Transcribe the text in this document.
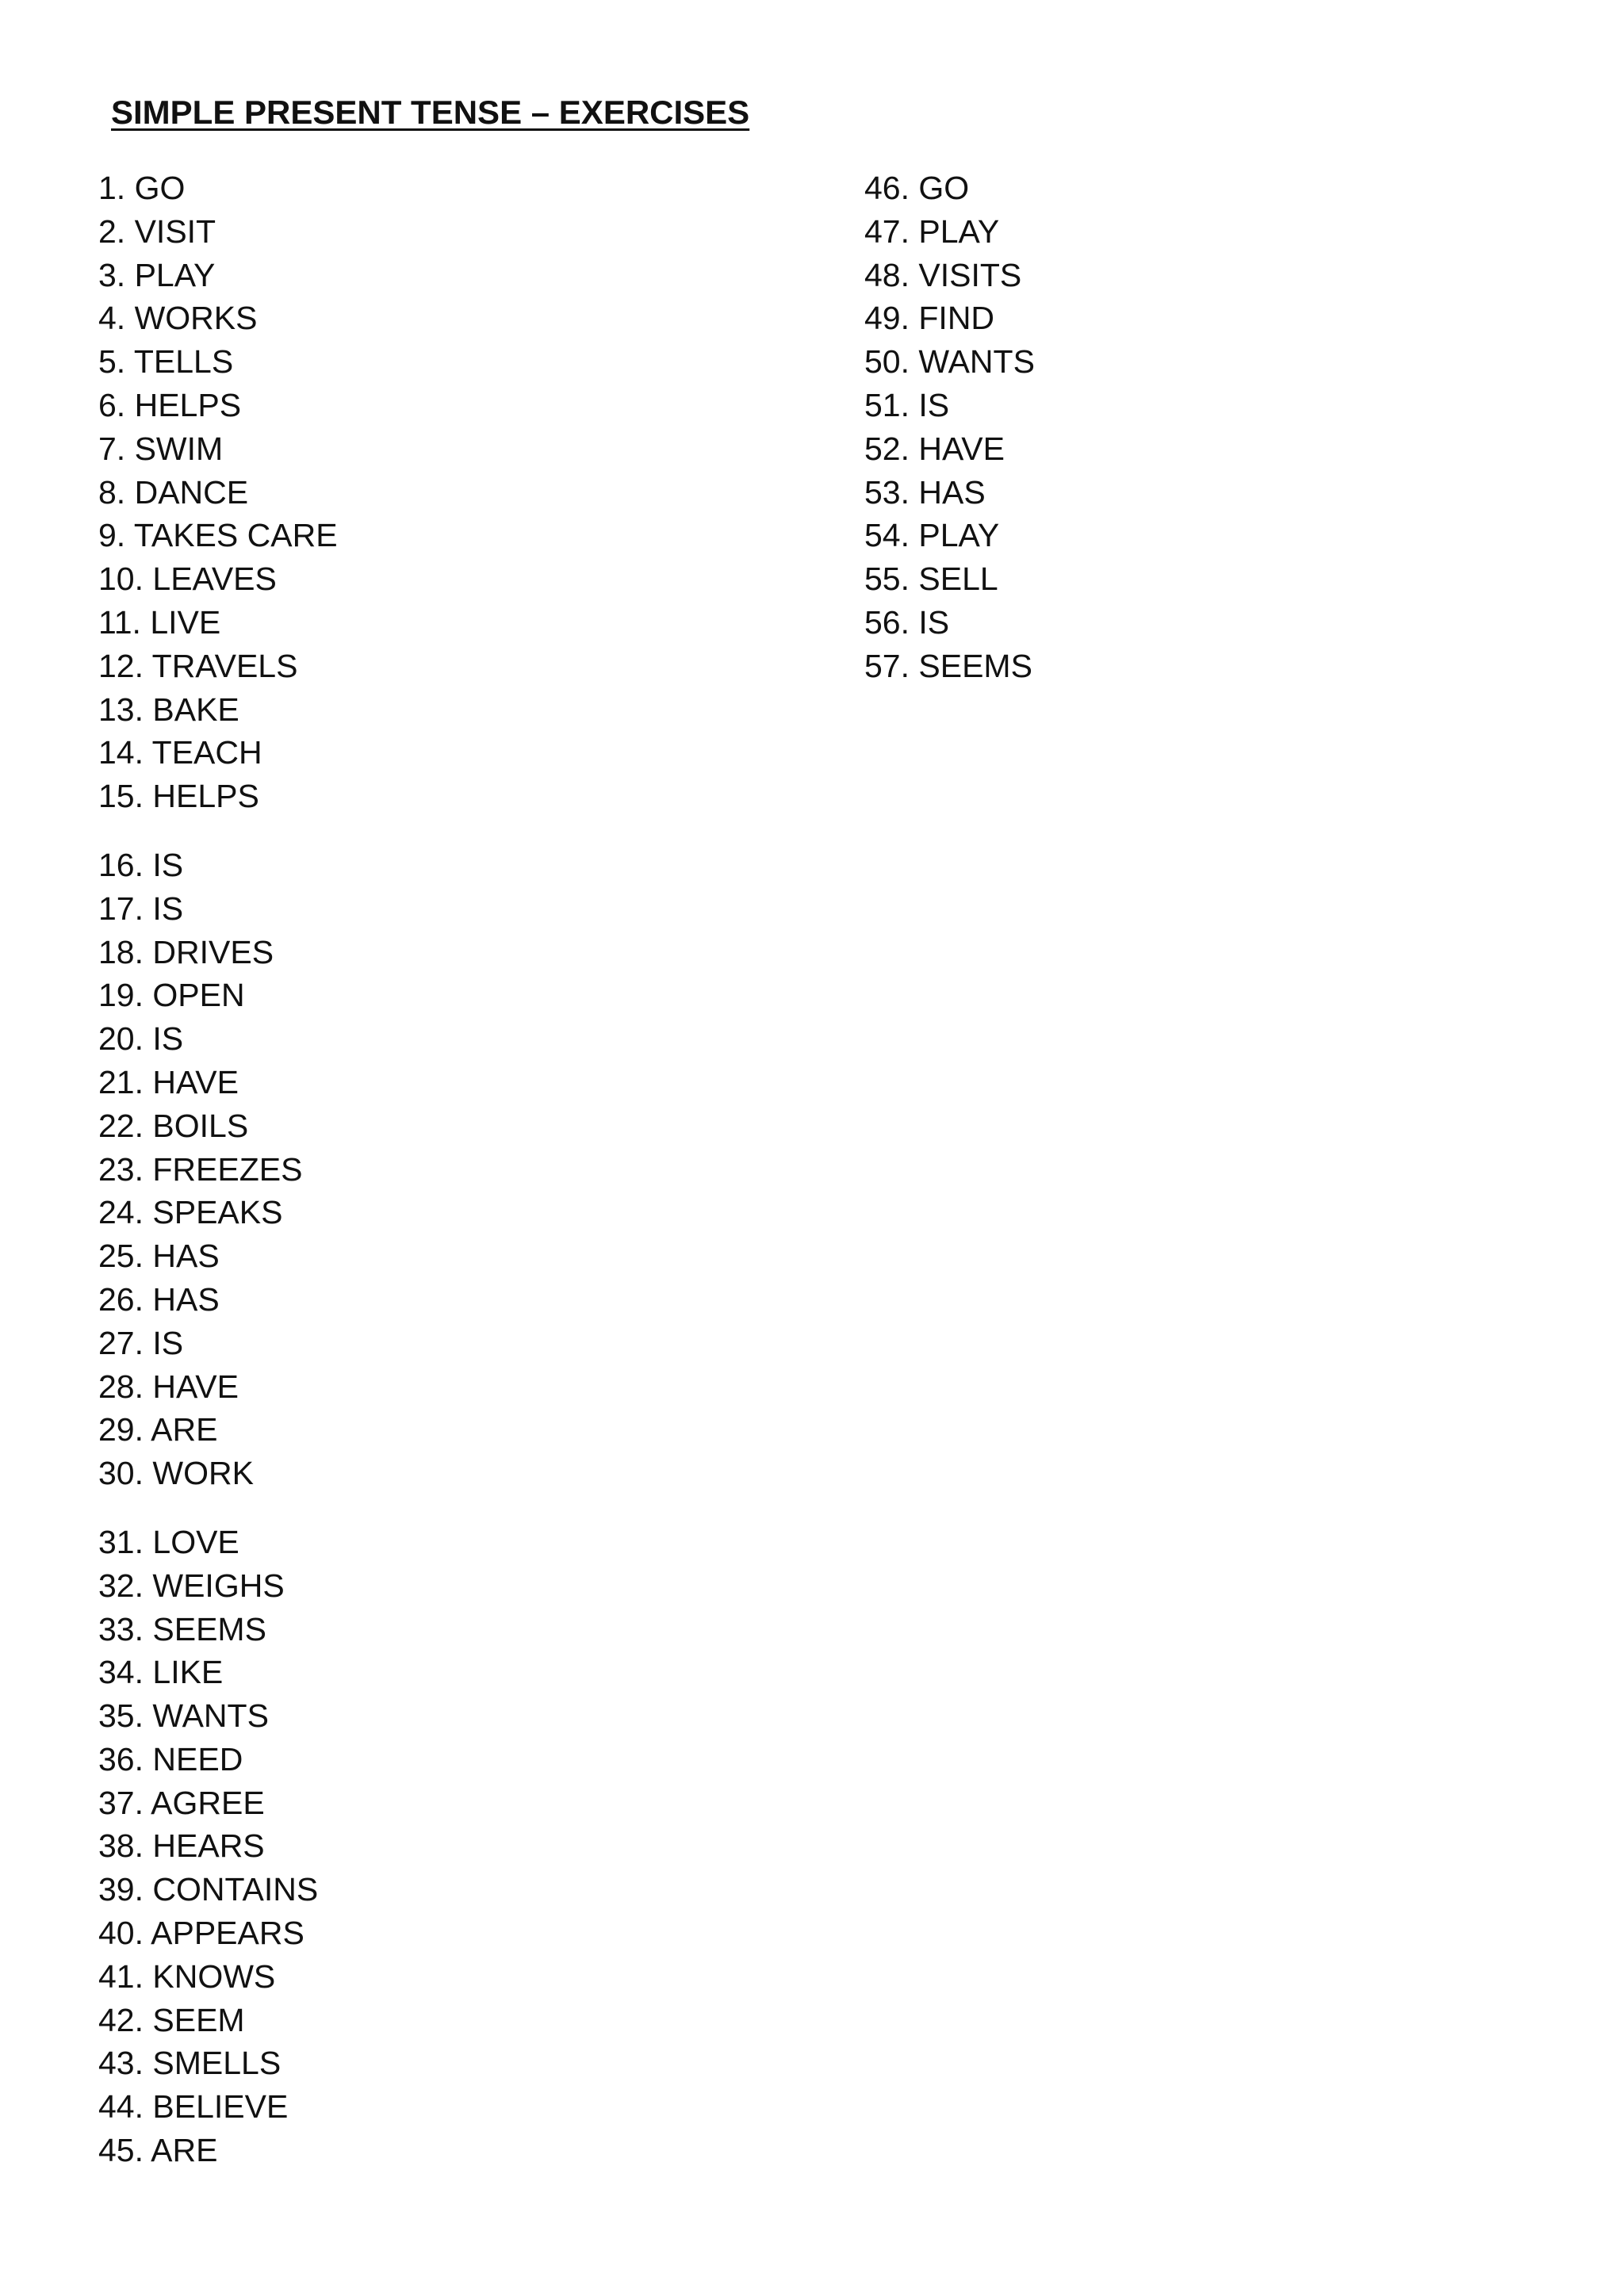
SIMPLE PRESENT TENSE – EXERCISES
1. GO
2. VISIT
3. PLAY
4. WORKS
5. TELLS
6. HELPS
7. SWIM
8. DANCE
9. TAKES CARE
10. LEAVES
11. LIVE
12. TRAVELS
13. BAKE
14. TEACH
15. HELPS
16. IS
17. IS
18. DRIVES
19. OPEN
20. IS
21. HAVE
22. BOILS
23. FREEZES
24. SPEAKS
25. HAS
26. HAS
27. IS
28. HAVE
29. ARE
30. WORK
31. LOVE
32. WEIGHS
33. SEEMS
34. LIKE
35. WANTS
36. NEED
37. AGREE
38. HEARS
39. CONTAINS
40. APPEARS
41. KNOWS
42. SEEM
43. SMELLS
44. BELIEVE
45. ARE
46. GO
47. PLAY
48. VISITS
49. FIND
50. WANTS
51. IS
52. HAVE
53. HAS
54. PLAY
55. SELL
56. IS
57. SEEMS
